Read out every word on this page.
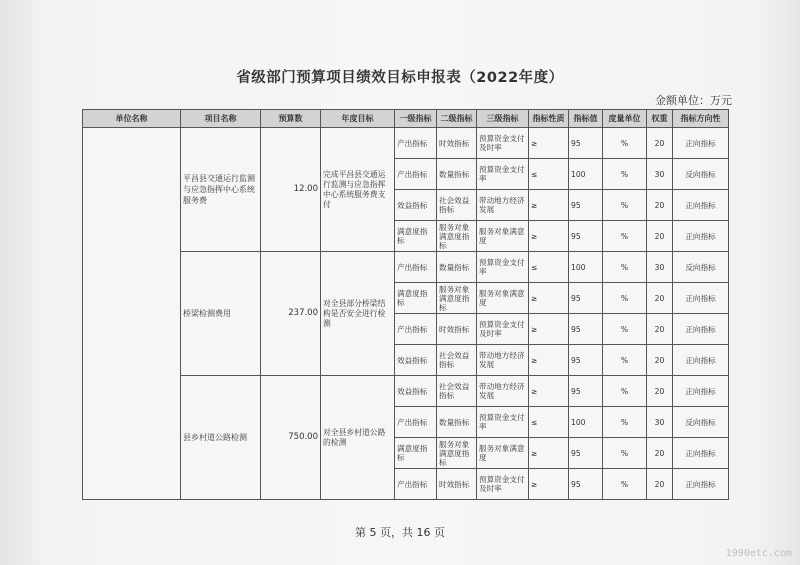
省级部门预算项目绩效目标申报表（2022年度）
金额单位：万元
单位名称	项目名称	预算数	年度目标	一级指标	二级指标	三级指标	指标性质	指标值	度量单位	权重	指标方向性
	平昌县交通运行监测与应急指挥中心系统服务费	12.00	完成平昌县交通运行监测与应急指挥中心系统服务费支付	产出指标	时效指标	预算资金支付及时率	≥	95	%	20	正向指标
				产出指标	数量指标	预算资金支付率	≤	100	%	30	反向指标
				效益指标	社会效益指标	带动地方经济发展	≥	95	%	20	正向指标
				满意度指标	服务对象满意度指标	服务对象满意度	≥	95	%	20	正向指标
	桥梁检测费用	237.00	对全县部分桥梁结构是否安全进行检测	产出指标	数量指标	预算资金支付率	≤	100	%	30	反向指标
				满意度指标	服务对象满意度指标	服务对象满意度	≥	95	%	20	正向指标
				产出指标	时效指标	预算资金支付及时率	≥	95	%	20	正向指标
				效益指标	社会效益指标	带动地方经济发展	≥	95	%	20	正向指标
	县乡村道公路检测	750.00	对全县乡村道公路的检测	效益指标	社会效益指标	带动地方经济发展	≥	95	%	20	正向指标
				产出指标	数量指标	预算资金支付率	≤	100	%	30	反向指标
				满意度指标	服务对象满意度指标	服务对象满意度	≥	95	%	20	正向指标
				产出指标	时效指标	预算资金支付及时率	≥	95	%	20	正向指标
第 5 页，共 16 页
1990etc.com
